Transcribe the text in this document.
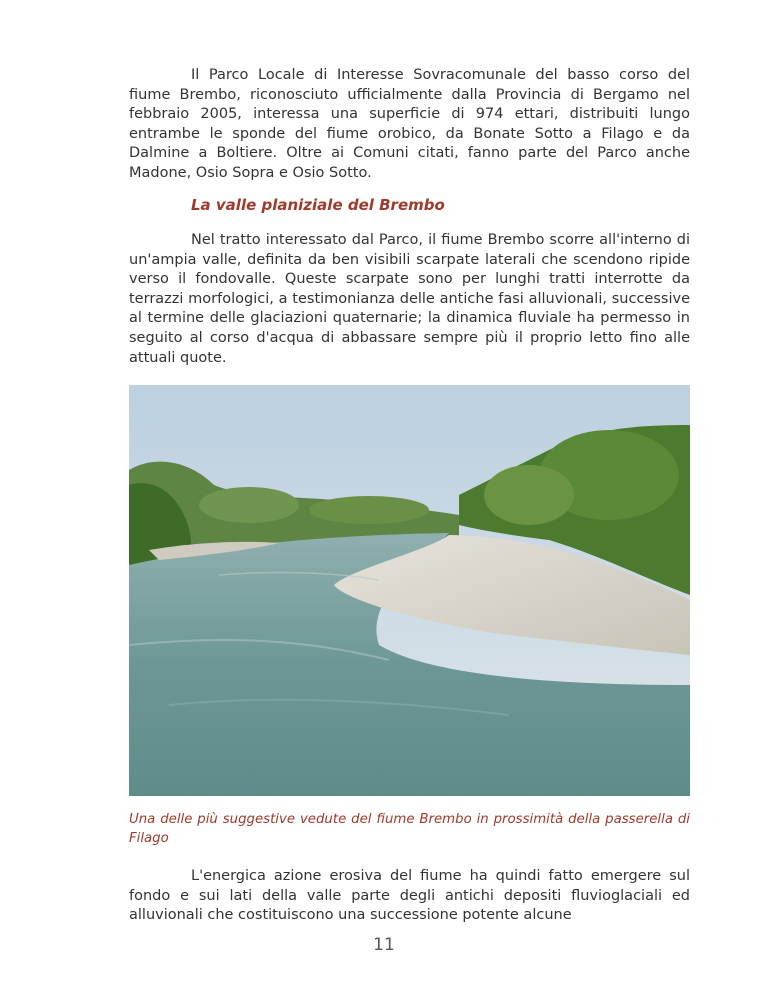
Il Parco Locale di Interesse Sovracomunale del basso corso del fiume Brembo, riconosciuto ufficialmente dalla Provincia di Bergamo nel febbraio 2005, interessa una superficie di 974 ettari, distribuiti lungo entrambe le sponde del fiume orobico, da Bonate Sotto a Filago e da Dalmine a Boltiere. Oltre ai Comuni citati, fanno parte del Parco anche Madone, Osio Sopra e Osio Sotto.

La valle planiziale del Brembo

Nel tratto interessato dal Parco, il fiume Brembo scorre all'interno di un'ampia valle, definita da ben visibili scarpate laterali che scendono ripide verso il fondovalle. Queste scarpate sono per lunghi tratti interrotte da terrazzi morfologici, a testimonianza delle antiche fasi alluvionali, successive al termine delle glaciazioni quaternarie; la dinamica fluviale ha permesso in seguito al corso d'acqua di abbassare sempre più il proprio letto fino alle attuali quote.

Una delle più suggestive vedute del fiume Brembo in prossimità della passerella di Filago

L'energica azione erosiva del fiume ha quindi fatto emergere sul fondo e sui lati della valle parte degli antichi depositi fluvioglaciali ed alluvionali che costituiscono una successione potente alcune

11
